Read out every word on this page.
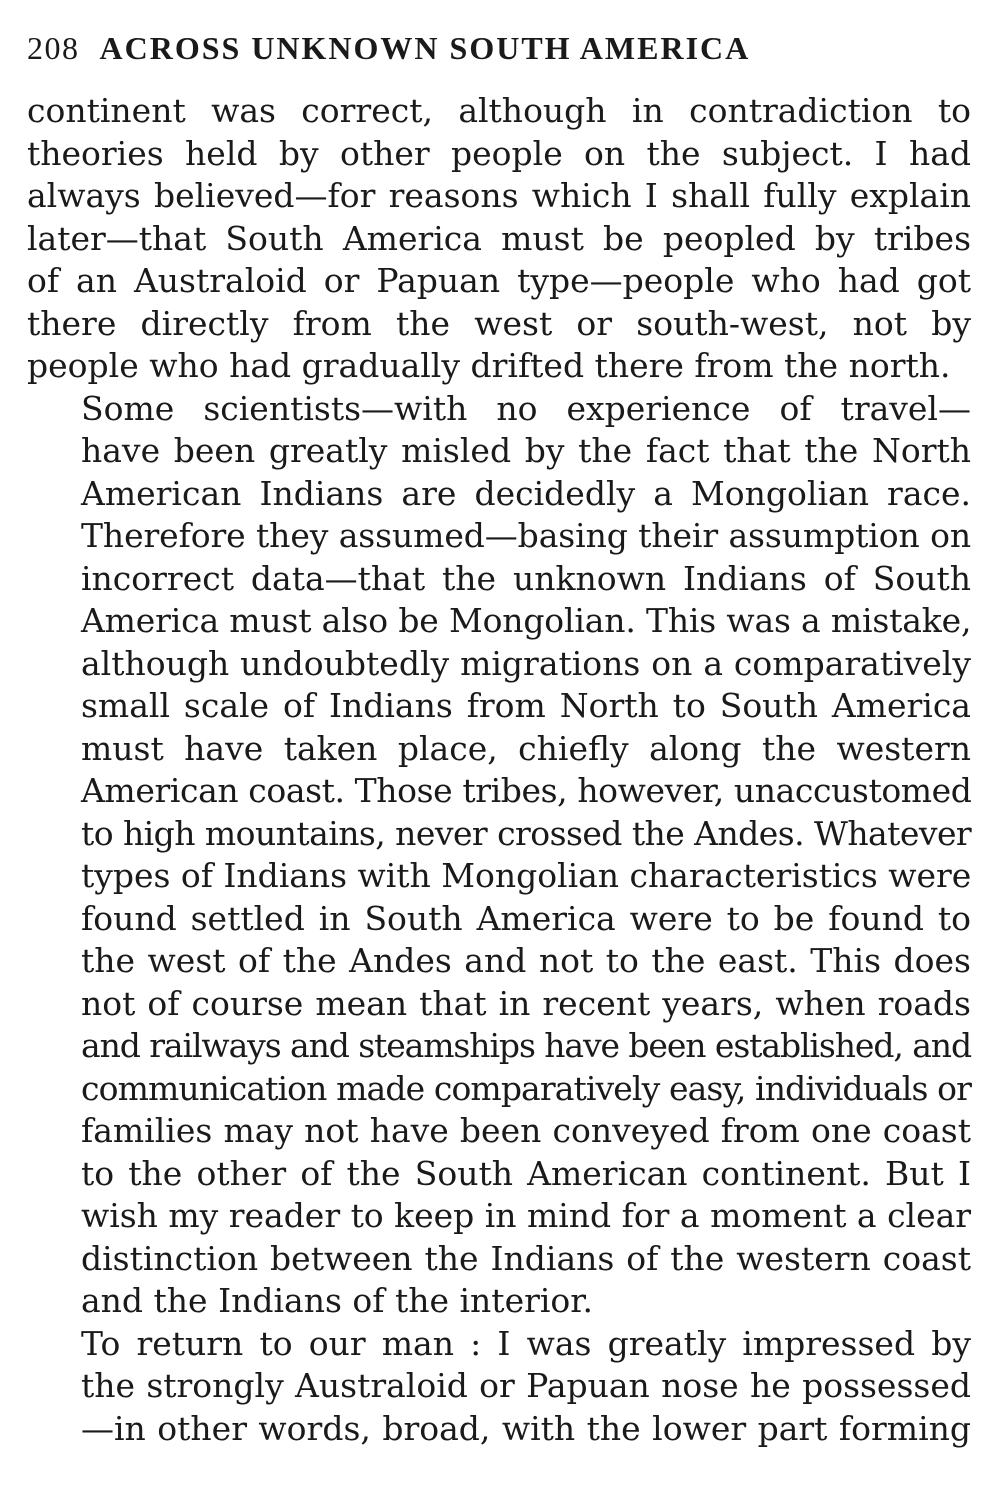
208 ACROSS UNKNOWN SOUTH AMERICA
continent was correct, although in contradiction to
theories held by other people on the subject. I had
always believed—for reasons which I shall fully explain
later—that South America must be peopled by tribes
of an Australoid or Papuan type—people who had got
there directly from the west or south-west, not by
people who had gradually drifted there from the north.
Some scientists—with no experience of travel—
have been greatly misled by the fact that the North
American Indians are decidedly a Mongolian race.
Therefore they assumed—basing their assumption on
incorrect data—that the unknown Indians of South
America must also be Mongolian. This was a mistake,
although undoubtedly migrations on a comparatively
small scale of Indians from North to South America
must have taken place, chiefly along the western
American coast. Those tribes, however, unaccustomed
to high mountains, never crossed the Andes. Whatever
types of Indians with Mongolian characteristics were
found settled in South America were to be found to
the west of the Andes and not to the east. This does
not of course mean that in recent years, when roads
and railways and steamships have been established, and
communication made comparatively easy, individuals or
families may not have been conveyed from one coast
to the other of the South American continent. But I
wish my reader to keep in mind for a moment a clear
distinction between the Indians of the western coast
and the Indians of the interior.
To return to our man : I was greatly impressed by
the strongly Australoid or Papuan nose he possessed
—in other words, broad, with the lower part forming
